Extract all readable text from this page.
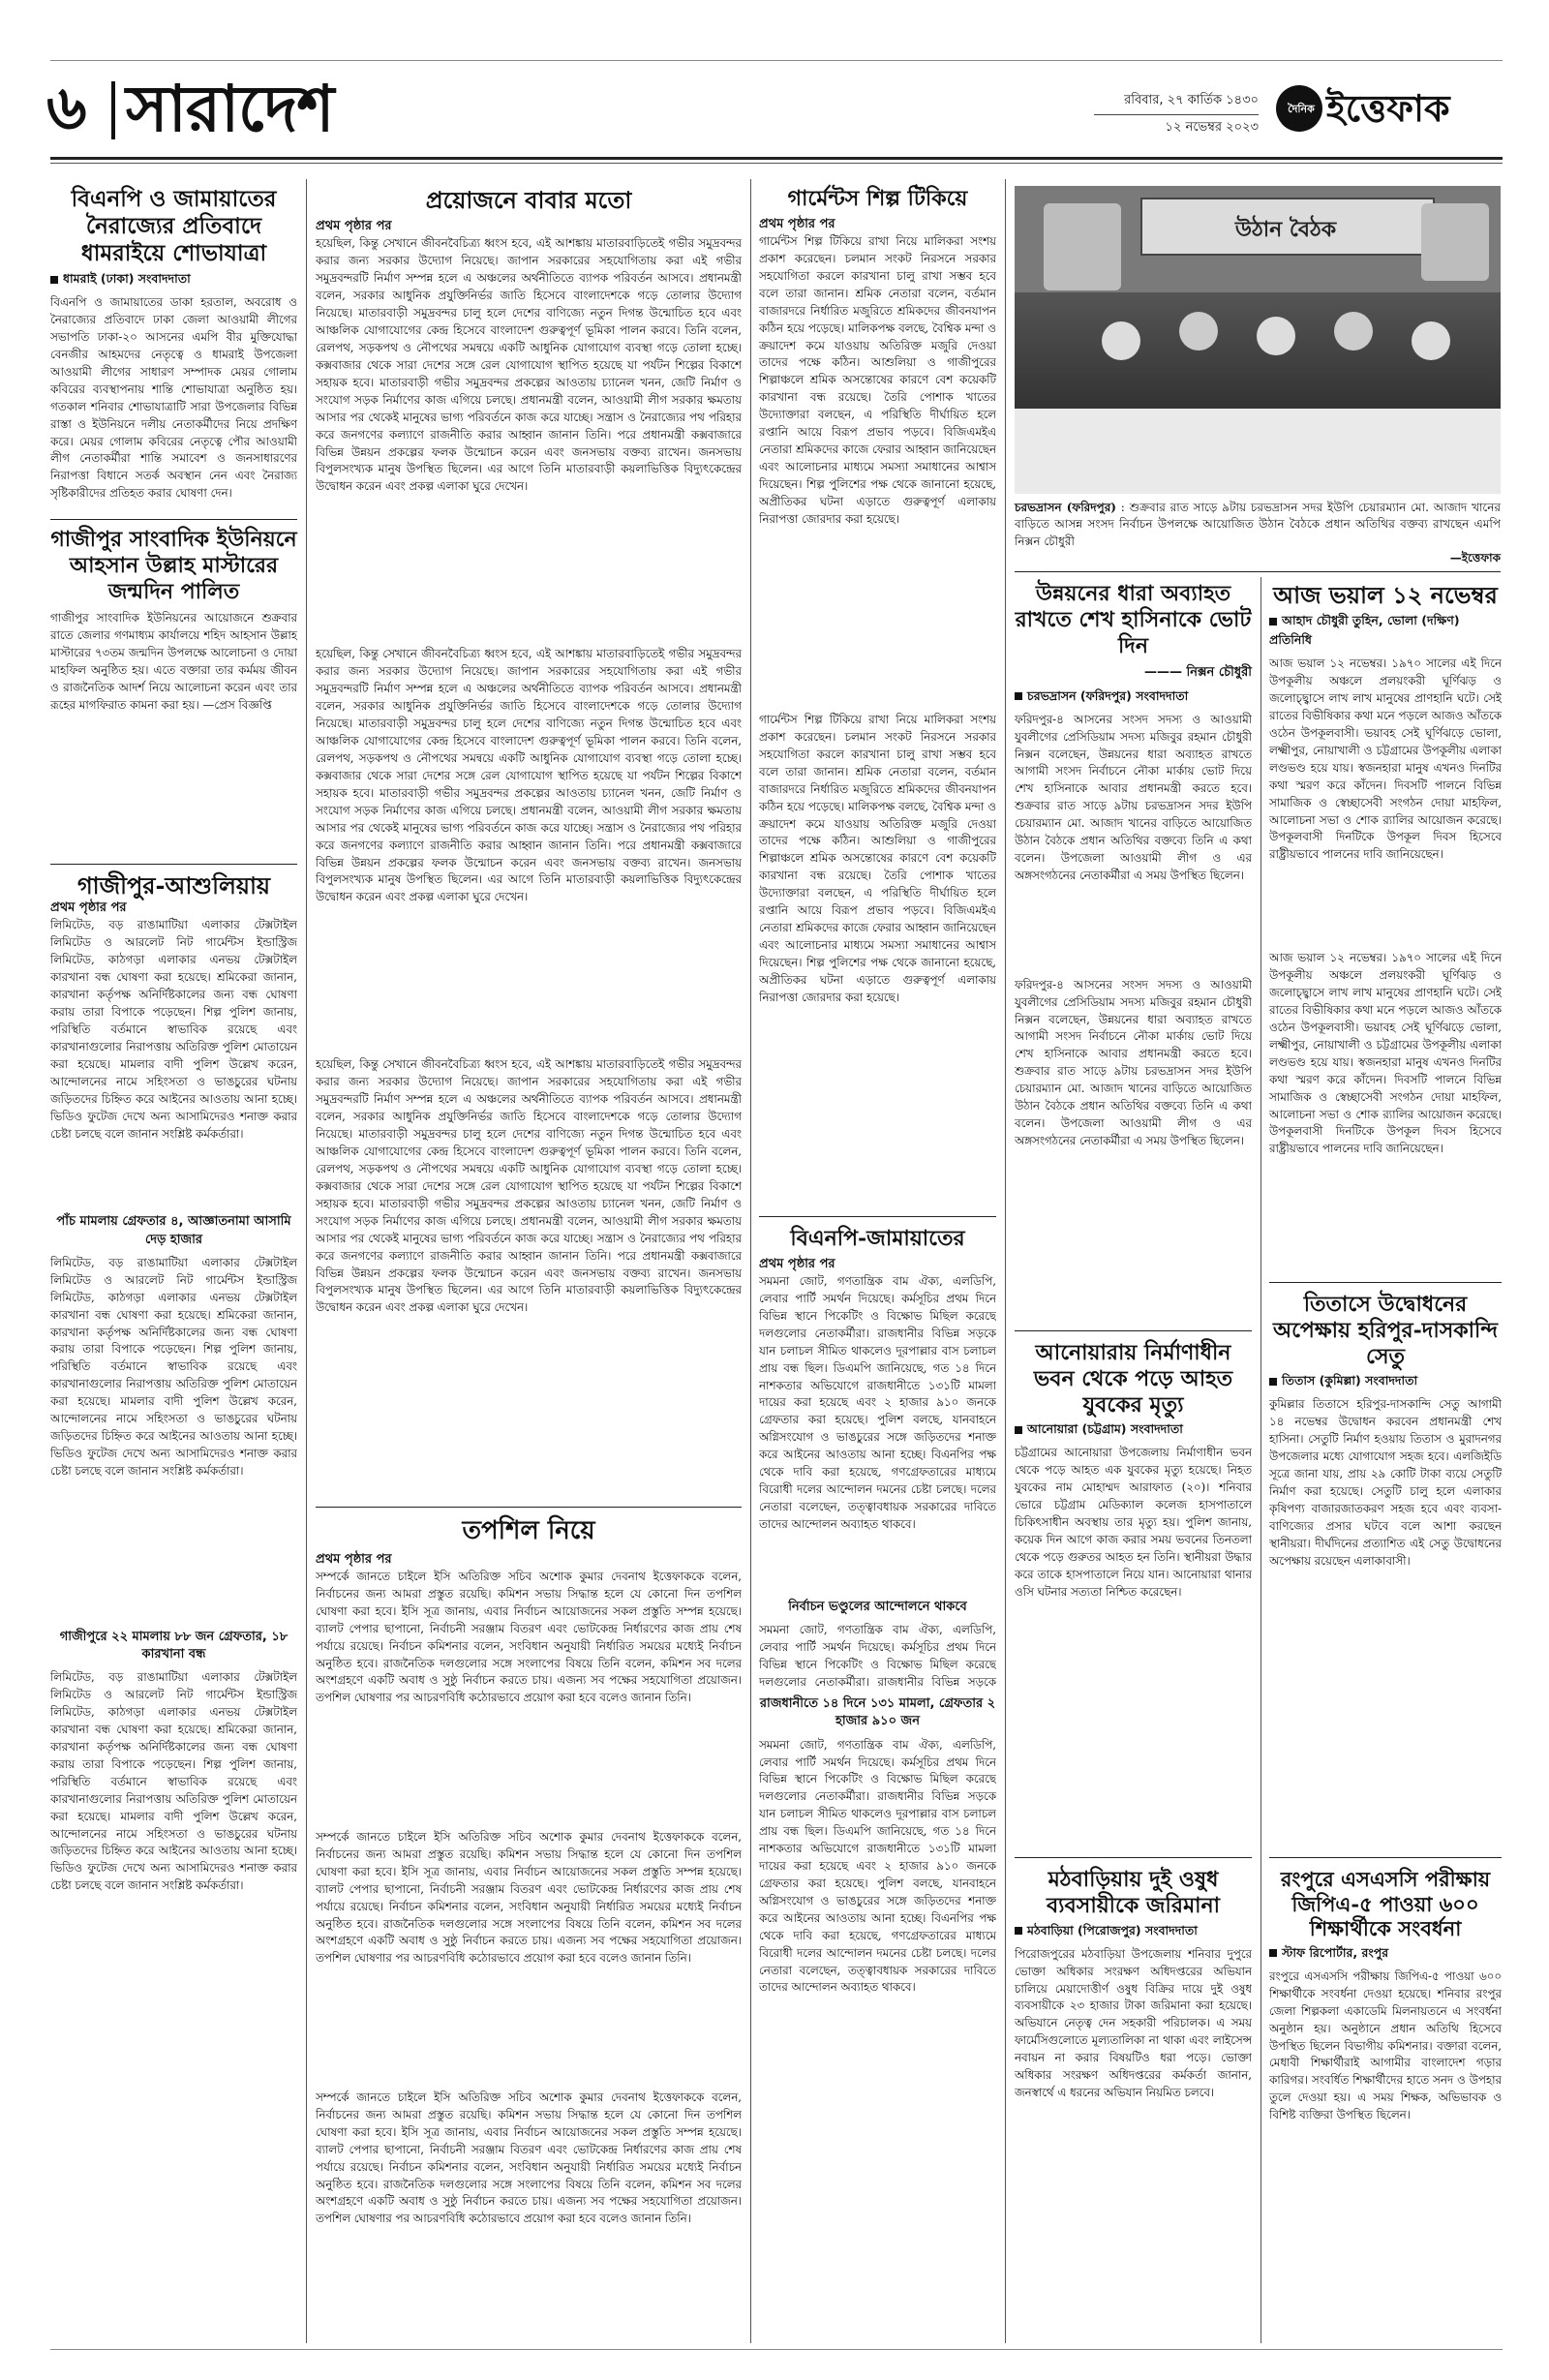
৬ সারাদেশ	রবিবার, ২৭ কার্তিক ১৪৩০
১২ নভেম্বর ২০২৩
দৈনিক ইত্তেফাক
বিএনপি ও জামায়াতের নৈরাজ্যের প্রতিবাদে ধামরাইয়ে শোভাযাত্রা
ধামরাই (ঢাকা) সংবাদদাতা
বিএনপি ও জামায়াতের ডাকা হরতাল, অবরোধ ও নৈরাজ্যের প্রতিবাদে ঢাকা জেলা আওয়ামী লীগের সভাপতি ঢাকা-২০ আসনের এমপি বীর মুক্তিযোদ্ধা বেনজীর আহমদের নেতৃত্বে ও ধামরাই উপজেলা আওয়ামী লীগের সাধারণ সম্পাদক মেয়র গোলাম কবিরের ব্যবস্থাপনায় শান্তি শোভাযাত্রা অনুষ্ঠিত হয়। গতকাল শনিবার শোভাযাত্রাটি সারা উপজেলার বিভিন্ন রাস্তা ও ইউনিয়নে দলীয় নেতাকর্মীদের নিয়ে প্রদক্ষিণ করে। মেয়র গোলাম কবিরের নেতৃত্বে পৌর আওয়ামী লীগ নেতাকর্মীরা শান্তি সমাবেশ ও জনসাধারণের নিরাপত্তা বিধানে সতর্ক অবস্থান নেন এবং নৈরাজ্য সৃষ্টিকারীদের প্রতিহত করার ঘোষণা দেন।
গাজীপুর সাংবাদিক ইউনিয়নে আহসান উল্লাহ মাস্টারের জন্মদিন পালিত
গাজীপুর সাংবাদিক ইউনিয়নের আয়োজনে শুক্রবার রাতে জেলার গণমাধ্যম কার্যালয়ে শহিদ আহসান উল্লাহ মাস্টারের ৭৩তম জন্মদিন উপলক্ষে আলোচনা ও দোয়া মাহফিল অনুষ্ঠিত হয়। এতে বক্তারা তার কর্মময় জীবন ও রাজনৈতিক আদর্শ নিয়ে আলোচনা করেন এবং তার রূহের মাগফিরাত কামনা করা হয়। —প্রেস বিজ্ঞপ্তি
গাজীপুর-আশুলিয়ায়
প্রথম পৃষ্ঠার পর
লিমিটেড, বড় রাঙামাটিয়া এলাকার টেক্সটাইল লিমিটেড ও আরলেট নিট গার্মেন্টস ইন্ডাস্ট্রিজ লিমিটেড, কাঠগড়া এলাকার এনভয় টেক্সটাইল কারখানা বন্ধ ঘোষণা করা হয়েছে। শ্রমিকেরা জানান, কারখানা কর্তৃপক্ষ অনির্দিষ্টকালের জন্য বন্ধ ঘোষণা করায় তারা বিপাকে পড়েছেন। শিল্প পুলিশ জানায়, পরিস্থিতি বর্তমানে স্বাভাবিক রয়েছে এবং কারখানাগুলোর নিরাপত্তায় অতিরিক্ত পুলিশ মোতায়েন করা হয়েছে। মামলার বাদী পুলিশ উল্লেখ করেন, আন্দোলনের নামে সহিংসতা ও ভাঙচুরের ঘটনায় জড়িতদের চিহ্নিত করে আইনের আওতায় আনা হচ্ছে। ভিডিও ফুটেজ দেখে অন্য আসামিদেরও শনাক্ত করার চেষ্টা চলছে বলে জানান সংশ্লিষ্ট কর্মকর্তারা।
পাঁচ মামলায় গ্রেফতার ৪, আজ্ঞাতনামা আসামি দেড় হাজার
লিমিটেড, বড় রাঙামাটিয়া এলাকার টেক্সটাইল লিমিটেড ও আরলেট নিট গার্মেন্টস ইন্ডাস্ট্রিজ লিমিটেড, কাঠগড়া এলাকার এনভয় টেক্সটাইল কারখানা বন্ধ ঘোষণা করা হয়েছে। শ্রমিকেরা জানান, কারখানা কর্তৃপক্ষ অনির্দিষ্টকালের জন্য বন্ধ ঘোষণা করায় তারা বিপাকে পড়েছেন। শিল্প পুলিশ জানায়, পরিস্থিতি বর্তমানে স্বাভাবিক রয়েছে এবং কারখানাগুলোর নিরাপত্তায় অতিরিক্ত পুলিশ মোতায়েন করা হয়েছে। মামলার বাদী পুলিশ উল্লেখ করেন, আন্দোলনের নামে সহিংসতা ও ভাঙচুরের ঘটনায় জড়িতদের চিহ্নিত করে আইনের আওতায় আনা হচ্ছে। ভিডিও ফুটেজ দেখে অন্য আসামিদেরও শনাক্ত করার চেষ্টা চলছে বলে জানান সংশ্লিষ্ট কর্মকর্তারা।
গাজীপুরে ২২ মামলায় ৮৮ জন গ্রেফতার, ১৮ কারখানা বন্ধ
লিমিটেড, বড় রাঙামাটিয়া এলাকার টেক্সটাইল লিমিটেড ও আরলেট নিট গার্মেন্টস ইন্ডাস্ট্রিজ লিমিটেড, কাঠগড়া এলাকার এনভয় টেক্সটাইল কারখানা বন্ধ ঘোষণা করা হয়েছে। শ্রমিকেরা জানান, কারখানা কর্তৃপক্ষ অনির্দিষ্টকালের জন্য বন্ধ ঘোষণা করায় তারা বিপাকে পড়েছেন। শিল্প পুলিশ জানায়, পরিস্থিতি বর্তমানে স্বাভাবিক রয়েছে এবং কারখানাগুলোর নিরাপত্তায় অতিরিক্ত পুলিশ মোতায়েন করা হয়েছে। মামলার বাদী পুলিশ উল্লেখ করেন, আন্দোলনের নামে সহিংসতা ও ভাঙচুরের ঘটনায় জড়িতদের চিহ্নিত করে আইনের আওতায় আনা হচ্ছে। ভিডিও ফুটেজ দেখে অন্য আসামিদেরও শনাক্ত করার চেষ্টা চলছে বলে জানান সংশ্লিষ্ট কর্মকর্তারা।
প্রয়োজনে বাবার মতো
প্রথম পৃষ্ঠার পর
হয়েছিল, কিন্তু সেখানে জীবনবৈচিত্র্য ধ্বংস হবে, এই আশঙ্কায় মাতারবাড়িতেই গভীর সমুদ্রবন্দর করার জন্য সরকার উদ্যোগ নিয়েছে। জাপান সরকারের সহযোগিতায় করা এই গভীর সমুদ্রবন্দরটি নির্মাণ সম্পন্ন হলে এ অঞ্চলের অর্থনীতিতে ব্যাপক পরিবর্তন আসবে। প্রধানমন্ত্রী বলেন, সরকার আধুনিক প্রযুক্তিনির্ভর জাতি হিসেবে বাংলাদেশকে গড়ে তোলার উদ্যোগ নিয়েছে। মাতারবাড়ী সমুদ্রবন্দর চালু হলে দেশের বাণিজ্যে নতুন দিগন্ত উন্মোচিত হবে এবং আঞ্চলিক যোগাযোগের কেন্দ্র হিসেবে বাংলাদেশ গুরুত্বপূর্ণ ভূমিকা পালন করবে। তিনি বলেন, রেলপথ, সড়কপথ ও নৌপথের সমন্বয়ে একটি আধুনিক যোগাযোগ ব্যবস্থা গড়ে তোলা হচ্ছে। কক্সবাজার থেকে সারা দেশের সঙ্গে রেল যোগাযোগ স্থাপিত হয়েছে যা পর্যটন শিল্পের বিকাশে সহায়ক হবে। মাতারবাড়ী গভীর সমুদ্রবন্দর প্রকল্পের আওতায় চ্যানেল খনন, জেটি নির্মাণ ও সংযোগ সড়ক নির্মাণের কাজ এগিয়ে চলছে। প্রধানমন্ত্রী বলেন, আওয়ামী লীগ সরকার ক্ষমতায় আসার পর থেকেই মানুষের ভাগ্য পরিবর্তনে কাজ করে যাচ্ছে। সন্ত্রাস ও নৈরাজ্যের পথ পরিহার করে জনগণের কল্যাণে রাজনীতি করার আহ্বান জানান তিনি। পরে প্রধানমন্ত্রী কক্সবাজারে বিভিন্ন উন্নয়ন প্রকল্পের ফলক উন্মোচন করেন এবং জনসভায় বক্তব্য রাখেন। জনসভায় বিপুলসংখ্যক মানুষ উপস্থিত ছিলেন। এর আগে তিনি মাতারবাড়ী কয়লাভিত্তিক বিদ্যুৎকেন্দ্রের উদ্বোধন করেন এবং প্রকল্প এলাকা ঘুরে দেখেন।
হয়েছিল, কিন্তু সেখানে জীবনবৈচিত্র্য ধ্বংস হবে, এই আশঙ্কায় মাতারবাড়িতেই গভীর সমুদ্রবন্দর করার জন্য সরকার উদ্যোগ নিয়েছে। জাপান সরকারের সহযোগিতায় করা এই গভীর সমুদ্রবন্দরটি নির্মাণ সম্পন্ন হলে এ অঞ্চলের অর্থনীতিতে ব্যাপক পরিবর্তন আসবে। প্রধানমন্ত্রী বলেন, সরকার আধুনিক প্রযুক্তিনির্ভর জাতি হিসেবে বাংলাদেশকে গড়ে তোলার উদ্যোগ নিয়েছে। মাতারবাড়ী সমুদ্রবন্দর চালু হলে দেশের বাণিজ্যে নতুন দিগন্ত উন্মোচিত হবে এবং আঞ্চলিক যোগাযোগের কেন্দ্র হিসেবে বাংলাদেশ গুরুত্বপূর্ণ ভূমিকা পালন করবে। তিনি বলেন, রেলপথ, সড়কপথ ও নৌপথের সমন্বয়ে একটি আধুনিক যোগাযোগ ব্যবস্থা গড়ে তোলা হচ্ছে। কক্সবাজার থেকে সারা দেশের সঙ্গে রেল যোগাযোগ স্থাপিত হয়েছে যা পর্যটন শিল্পের বিকাশে সহায়ক হবে। মাতারবাড়ী গভীর সমুদ্রবন্দর প্রকল্পের আওতায় চ্যানেল খনন, জেটি নির্মাণ ও সংযোগ সড়ক নির্মাণের কাজ এগিয়ে চলছে। প্রধানমন্ত্রী বলেন, আওয়ামী লীগ সরকার ক্ষমতায় আসার পর থেকেই মানুষের ভাগ্য পরিবর্তনে কাজ করে যাচ্ছে। সন্ত্রাস ও নৈরাজ্যের পথ পরিহার করে জনগণের কল্যাণে রাজনীতি করার আহ্বান জানান তিনি। পরে প্রধানমন্ত্রী কক্সবাজারে বিভিন্ন উন্নয়ন প্রকল্পের ফলক উন্মোচন করেন এবং জনসভায় বক্তব্য রাখেন। জনসভায় বিপুলসংখ্যক মানুষ উপস্থিত ছিলেন। এর আগে তিনি মাতারবাড়ী কয়লাভিত্তিক বিদ্যুৎকেন্দ্রের উদ্বোধন করেন এবং প্রকল্প এলাকা ঘুরে দেখেন।
হয়েছিল, কিন্তু সেখানে জীবনবৈচিত্র্য ধ্বংস হবে, এই আশঙ্কায় মাতারবাড়িতেই গভীর সমুদ্রবন্দর করার জন্য সরকার উদ্যোগ নিয়েছে। জাপান সরকারের সহযোগিতায় করা এই গভীর সমুদ্রবন্দরটি নির্মাণ সম্পন্ন হলে এ অঞ্চলের অর্থনীতিতে ব্যাপক পরিবর্তন আসবে। প্রধানমন্ত্রী বলেন, সরকার আধুনিক প্রযুক্তিনির্ভর জাতি হিসেবে বাংলাদেশকে গড়ে তোলার উদ্যোগ নিয়েছে। মাতারবাড়ী সমুদ্রবন্দর চালু হলে দেশের বাণিজ্যে নতুন দিগন্ত উন্মোচিত হবে এবং আঞ্চলিক যোগাযোগের কেন্দ্র হিসেবে বাংলাদেশ গুরুত্বপূর্ণ ভূমিকা পালন করবে। তিনি বলেন, রেলপথ, সড়কপথ ও নৌপথের সমন্বয়ে একটি আধুনিক যোগাযোগ ব্যবস্থা গড়ে তোলা হচ্ছে। কক্সবাজার থেকে সারা দেশের সঙ্গে রেল যোগাযোগ স্থাপিত হয়েছে যা পর্যটন শিল্পের বিকাশে সহায়ক হবে। মাতারবাড়ী গভীর সমুদ্রবন্দর প্রকল্পের আওতায় চ্যানেল খনন, জেটি নির্মাণ ও সংযোগ সড়ক নির্মাণের কাজ এগিয়ে চলছে। প্রধানমন্ত্রী বলেন, আওয়ামী লীগ সরকার ক্ষমতায় আসার পর থেকেই মানুষের ভাগ্য পরিবর্তনে কাজ করে যাচ্ছে। সন্ত্রাস ও নৈরাজ্যের পথ পরিহার করে জনগণের কল্যাণে রাজনীতি করার আহ্বান জানান তিনি। পরে প্রধানমন্ত্রী কক্সবাজারে বিভিন্ন উন্নয়ন প্রকল্পের ফলক উন্মোচন করেন এবং জনসভায় বক্তব্য রাখেন। জনসভায় বিপুলসংখ্যক মানুষ উপস্থিত ছিলেন। এর আগে তিনি মাতারবাড়ী কয়লাভিত্তিক বিদ্যুৎকেন্দ্রের উদ্বোধন করেন এবং প্রকল্প এলাকা ঘুরে দেখেন।
তপশিল নিয়ে
প্রথম পৃষ্ঠার পর
সম্পর্কে জানতে চাইলে ইসি অতিরিক্ত সচিব অশোক কুমার দেবনাথ ইত্তেফাককে বলেন, নির্বাচনের জন্য আমরা প্রস্তুত রয়েছি। কমিশন সভায় সিদ্ধান্ত হলে যে কোনো দিন তপশিল ঘোষণা করা হবে। ইসি সূত্র জানায়, এবার নির্বাচন আয়োজনের সকল প্রস্তুতি সম্পন্ন হয়েছে। ব্যালট পেপার ছাপানো, নির্বাচনী সরঞ্জাম বিতরণ এবং ভোটকেন্দ্র নির্ধারণের কাজ প্রায় শেষ পর্যায়ে রয়েছে। নির্বাচন কমিশনার বলেন, সংবিধান অনুযায়ী নির্ধারিত সময়ের মধ্যেই নির্বাচন অনুষ্ঠিত হবে। রাজনৈতিক দলগুলোর সঙ্গে সংলাপের বিষয়ে তিনি বলেন, কমিশন সব দলের অংশগ্রহণে একটি অবাধ ও সুষ্ঠু নির্বাচন করতে চায়। এজন্য সব পক্ষের সহযোগিতা প্রয়োজন। তপশিল ঘোষণার পর আচরণবিধি কঠোরভাবে প্রয়োগ করা হবে বলেও জানান তিনি।
সম্পর্কে জানতে চাইলে ইসি অতিরিক্ত সচিব অশোক কুমার দেবনাথ ইত্তেফাককে বলেন, নির্বাচনের জন্য আমরা প্রস্তুত রয়েছি। কমিশন সভায় সিদ্ধান্ত হলে যে কোনো দিন তপশিল ঘোষণা করা হবে। ইসি সূত্র জানায়, এবার নির্বাচন আয়োজনের সকল প্রস্তুতি সম্পন্ন হয়েছে। ব্যালট পেপার ছাপানো, নির্বাচনী সরঞ্জাম বিতরণ এবং ভোটকেন্দ্র নির্ধারণের কাজ প্রায় শেষ পর্যায়ে রয়েছে। নির্বাচন কমিশনার বলেন, সংবিধান অনুযায়ী নির্ধারিত সময়ের মধ্যেই নির্বাচন অনুষ্ঠিত হবে। রাজনৈতিক দলগুলোর সঙ্গে সংলাপের বিষয়ে তিনি বলেন, কমিশন সব দলের অংশগ্রহণে একটি অবাধ ও সুষ্ঠু নির্বাচন করতে চায়। এজন্য সব পক্ষের সহযোগিতা প্রয়োজন। তপশিল ঘোষণার পর আচরণবিধি কঠোরভাবে প্রয়োগ করা হবে বলেও জানান তিনি।
সম্পর্কে জানতে চাইলে ইসি অতিরিক্ত সচিব অশোক কুমার দেবনাথ ইত্তেফাককে বলেন, নির্বাচনের জন্য আমরা প্রস্তুত রয়েছি। কমিশন সভায় সিদ্ধান্ত হলে যে কোনো দিন তপশিল ঘোষণা করা হবে। ইসি সূত্র জানায়, এবার নির্বাচন আয়োজনের সকল প্রস্তুতি সম্পন্ন হয়েছে। ব্যালট পেপার ছাপানো, নির্বাচনী সরঞ্জাম বিতরণ এবং ভোটকেন্দ্র নির্ধারণের কাজ প্রায় শেষ পর্যায়ে রয়েছে। নির্বাচন কমিশনার বলেন, সংবিধান অনুযায়ী নির্ধারিত সময়ের মধ্যেই নির্বাচন অনুষ্ঠিত হবে। রাজনৈতিক দলগুলোর সঙ্গে সংলাপের বিষয়ে তিনি বলেন, কমিশন সব দলের অংশগ্রহণে একটি অবাধ ও সুষ্ঠু নির্বাচন করতে চায়। এজন্য সব পক্ষের সহযোগিতা প্রয়োজন। তপশিল ঘোষণার পর আচরণবিধি কঠোরভাবে প্রয়োগ করা হবে বলেও জানান তিনি।
গার্মেন্টস শিল্প টিকিয়ে
প্রথম পৃষ্ঠার পর
গার্মেন্টস শিল্প টিকিয়ে রাখা নিয়ে মালিকরা সংশয় প্রকাশ করেছেন। চলমান সংকট নিরসনে সরকার সহযোগিতা করলে কারখানা চালু রাখা সম্ভব হবে বলে তারা জানান। শ্রমিক নেতারা বলেন, বর্তমান বাজারদরে নির্ধারিত মজুরিতে শ্রমিকদের জীবনযাপন কঠিন হয়ে পড়েছে। মালিকপক্ষ বলছে, বৈশ্বিক মন্দা ও ক্রয়াদেশ কমে যাওয়ায় অতিরিক্ত মজুরি দেওয়া তাদের পক্ষে কঠিন। আশুলিয়া ও গাজীপুরের শিল্পাঞ্চলে শ্রমিক অসন্তোষের কারণে বেশ কয়েকটি কারখানা বন্ধ রয়েছে। তৈরি পোশাক খাতের উদ্যোক্তারা বলছেন, এ পরিস্থিতি দীর্ঘায়িত হলে রপ্তানি আয়ে বিরূপ প্রভাব পড়বে। বিজিএমইএ নেতারা শ্রমিকদের কাজে ফেরার আহ্বান জানিয়েছেন এবং আলোচনার মাধ্যমে সমস্যা সমাধানের আশ্বাস দিয়েছেন। শিল্প পুলিশের পক্ষ থেকে জানানো হয়েছে, অপ্রীতিকর ঘটনা এড়াতে গুরুত্বপূর্ণ এলাকায় নিরাপত্তা জোরদার করা হয়েছে।
গার্মেন্টস শিল্প টিকিয়ে রাখা নিয়ে মালিকরা সংশয় প্রকাশ করেছেন। চলমান সংকট নিরসনে সরকার সহযোগিতা করলে কারখানা চালু রাখা সম্ভব হবে বলে তারা জানান। শ্রমিক নেতারা বলেন, বর্তমান বাজারদরে নির্ধারিত মজুরিতে শ্রমিকদের জীবনযাপন কঠিন হয়ে পড়েছে। মালিকপক্ষ বলছে, বৈশ্বিক মন্দা ও ক্রয়াদেশ কমে যাওয়ায় অতিরিক্ত মজুরি দেওয়া তাদের পক্ষে কঠিন। আশুলিয়া ও গাজীপুরের শিল্পাঞ্চলে শ্রমিক অসন্তোষের কারণে বেশ কয়েকটি কারখানা বন্ধ রয়েছে। তৈরি পোশাক খাতের উদ্যোক্তারা বলছেন, এ পরিস্থিতি দীর্ঘায়িত হলে রপ্তানি আয়ে বিরূপ প্রভাব পড়বে। বিজিএমইএ নেতারা শ্রমিকদের কাজে ফেরার আহ্বান জানিয়েছেন এবং আলোচনার মাধ্যমে সমস্যা সমাধানের আশ্বাস দিয়েছেন। শিল্প পুলিশের পক্ষ থেকে জানানো হয়েছে, অপ্রীতিকর ঘটনা এড়াতে গুরুত্বপূর্ণ এলাকায় নিরাপত্তা জোরদার করা হয়েছে।
বিএনপি-জামায়াতের
প্রথম পৃষ্ঠার পর
সমমনা জোট, গণতান্ত্রিক বাম ঐক্য, এলডিপি, লেবার পার্টি সমর্থন দিয়েছে। কর্মসূচির প্রথম দিনে বিভিন্ন স্থানে পিকেটিং ও বিক্ষোভ মিছিল করেছে দলগুলোর নেতাকর্মীরা। রাজধানীর বিভিন্ন সড়কে যান চলাচল সীমিত থাকলেও দূরপাল্লার বাস চলাচল প্রায় বন্ধ ছিল। ডিএমপি জানিয়েছে, গত ১৪ দিনে নাশকতার অভিযোগে রাজধানীতে ১৩১টি মামলা দায়ের করা হয়েছে এবং ২ হাজার ৯১০ জনকে গ্রেফতার করা হয়েছে। পুলিশ বলছে, যানবাহনে অগ্নিসংযোগ ও ভাঙচুরের সঙ্গে জড়িতদের শনাক্ত করে আইনের আওতায় আনা হচ্ছে। বিএনপির পক্ষ থেকে দাবি করা হয়েছে, গণগ্রেফতারের মাধ্যমে বিরোধী দলের আন্দোলন দমনের চেষ্টা চলছে। দলের নেতারা বলেছেন, তত্ত্বাবধায়ক সরকারের দাবিতে তাদের আন্দোলন অব্যাহত থাকবে।
নির্বাচন ভণ্ডুলের আন্দোলনে থাকবে
সমমনা জোট, গণতান্ত্রিক বাম ঐক্য, এলডিপি, লেবার পার্টি সমর্থন দিয়েছে। কর্মসূচির প্রথম দিনে বিভিন্ন স্থানে পিকেটিং ও বিক্ষোভ মিছিল করেছে দলগুলোর নেতাকর্মীরা। রাজধানীর বিভিন্ন সড়কে
রাজধানীতে ১৪ দিনে ১৩১ মামলা, গ্রেফতার ২ হাজার ৯১০ জন
সমমনা জোট, গণতান্ত্রিক বাম ঐক্য, এলডিপি, লেবার পার্টি সমর্থন দিয়েছে। কর্মসূচির প্রথম দিনে বিভিন্ন স্থানে পিকেটিং ও বিক্ষোভ মিছিল করেছে দলগুলোর নেতাকর্মীরা। রাজধানীর বিভিন্ন সড়কে যান চলাচল সীমিত থাকলেও দূরপাল্লার বাস চলাচল প্রায় বন্ধ ছিল। ডিএমপি জানিয়েছে, গত ১৪ দিনে নাশকতার অভিযোগে রাজধানীতে ১৩১টি মামলা দায়ের করা হয়েছে এবং ২ হাজার ৯১০ জনকে গ্রেফতার করা হয়েছে। পুলিশ বলছে, যানবাহনে অগ্নিসংযোগ ও ভাঙচুরের সঙ্গে জড়িতদের শনাক্ত করে আইনের আওতায় আনা হচ্ছে। বিএনপির পক্ষ থেকে দাবি করা হয়েছে, গণগ্রেফতারের মাধ্যমে বিরোধী দলের আন্দোলন দমনের চেষ্টা চলছে। দলের নেতারা বলেছেন, তত্ত্বাবধায়ক সরকারের দাবিতে তাদের আন্দোলন অব্যাহত থাকবে।
উঠান বৈঠক
চরভদ্রাসন (ফরিদপুর) : শুক্রবার রাত সাড়ে ৯টায় চরভদ্রাসন সদর ইউপি চেয়ারম্যান মো. আজাদ খানের বাড়িতে আসন্ন সংসদ নির্বাচন উপলক্ষে আয়োজিত উঠান বৈঠকে প্রধান অতিথির বক্তব্য রাখছেন এমপি নিক্সন চৌধুরী
—ইত্তেফাক
উন্নয়নের ধারা অব্যাহত রাখতে শেখ হাসিনাকে ভোট দিন
——— নিক্সন চৌধুরী
চরভদ্রাসন (ফরিদপুর) সংবাদদাতা
ফরিদপুর-৪ আসনের সংসদ সদস্য ও আওয়ামী যুবলীগের প্রেসিডিয়াম সদস্য মজিবুর রহমান চৌধুরী নিক্সন বলেছেন, উন্নয়নের ধারা অব্যাহত রাখতে আগামী সংসদ নির্বাচনে নৌকা মার্কায় ভোট দিয়ে শেখ হাসিনাকে আবার প্রধানমন্ত্রী করতে হবে। শুক্রবার রাত সাড়ে ৯টায় চরভদ্রাসন সদর ইউপি চেয়ারম্যান মো. আজাদ খানের বাড়িতে আয়োজিত উঠান বৈঠকে প্রধান অতিথির বক্তব্যে তিনি এ কথা বলেন। উপজেলা আওয়ামী লীগ ও এর অঙ্গসংগঠনের নেতাকর্মীরা এ সময় উপস্থিত ছিলেন।
ফরিদপুর-৪ আসনের সংসদ সদস্য ও আওয়ামী যুবলীগের প্রেসিডিয়াম সদস্য মজিবুর রহমান চৌধুরী নিক্সন বলেছেন, উন্নয়নের ধারা অব্যাহত রাখতে আগামী সংসদ নির্বাচনে নৌকা মার্কায় ভোট দিয়ে শেখ হাসিনাকে আবার প্রধানমন্ত্রী করতে হবে। শুক্রবার রাত সাড়ে ৯টায় চরভদ্রাসন সদর ইউপি চেয়ারম্যান মো. আজাদ খানের বাড়িতে আয়োজিত উঠান বৈঠকে প্রধান অতিথির বক্তব্যে তিনি এ কথা বলেন। উপজেলা আওয়ামী লীগ ও এর অঙ্গসংগঠনের নেতাকর্মীরা এ সময় উপস্থিত ছিলেন।
আনোয়ারায় নির্মাণাধীন ভবন থেকে পড়ে আহত যুবকের মৃত্যু
আনোয়ারা (চট্টগ্রাম) সংবাদদাতা
চট্টগ্রামের আনোয়ারা উপজেলায় নির্মাণাধীন ভবন থেকে পড়ে আহত এক যুবকের মৃত্যু হয়েছে। নিহত যুবকের নাম মোহাম্মদ আরাফাত (২০)। শনিবার ভোরে চট্টগ্রাম মেডিক্যাল কলেজ হাসপাতালে চিকিৎসাধীন অবস্থায় তার মৃত্যু হয়। পুলিশ জানায়, কয়েক দিন আগে কাজ করার সময় ভবনের তিনতলা থেকে পড়ে গুরুতর আহত হন তিনি। স্থানীয়রা উদ্ধার করে তাকে হাসপাতালে নিয়ে যান। আনোয়ারা থানার ওসি ঘটনার সত্যতা নিশ্চিত করেছেন।
মঠবাড়িয়ায় দুই ওষুধ ব্যবসায়ীকে জরিমানা
মঠবাড়িয়া (পিরোজপুর) সংবাদদাতা
পিরোজপুরের মঠবাড়িয়া উপজেলায় শনিবার দুপুরে ভোক্তা অধিকার সংরক্ষণ অধিদপ্তরের অভিযান চালিয়ে মেয়াদোত্তীর্ণ ওষুধ বিক্রির দায়ে দুই ওষুধ ব্যবসায়ীকে ২৩ হাজার টাকা জরিমানা করা হয়েছে। অভিযানে নেতৃত্ব দেন সহকারী পরিচালক। এ সময় ফার্মেসিগুলোতে মূল্যতালিকা না থাকা এবং লাইসেন্স নবায়ন না করার বিষয়টিও ধরা পড়ে। ভোক্তা অধিকার সংরক্ষণ অধিদপ্তরের কর্মকর্তা জানান, জনস্বার্থে এ ধরনের অভিযান নিয়মিত চলবে।
আজ ভয়াল ১২ নভেম্বর
আহাদ চৌধুরী তুহিন, ভোলা (দক্ষিণ) প্রতিনিধি
আজ ভয়াল ১২ নভেম্বর। ১৯৭০ সালের এই দিনে উপকূলীয় অঞ্চলে প্রলয়ংকরী ঘূর্ণিঝড় ও জলোচ্ছ্বাসে লাখ লাখ মানুষের প্রাণহানি ঘটে। সেই রাতের বিভীষিকার কথা মনে পড়লে আজও আঁতকে ওঠেন উপকূলবাসী। ভয়াবহ সেই ঘূর্ণিঝড়ে ভোলা, লক্ষ্মীপুর, নোয়াখালী ও চট্টগ্রামের উপকূলীয় এলাকা লণ্ডভণ্ড হয়ে যায়। স্বজনহারা মানুষ এখনও দিনটির কথা স্মরণ করে কাঁদেন। দিবসটি পালনে বিভিন্ন সামাজিক ও স্বেচ্ছাসেবী সংগঠন দোয়া মাহফিল, আলোচনা সভা ও শোক র‍্যালির আয়োজন করেছে। উপকূলবাসী দিনটিকে উপকূল দিবস হিসেবে রাষ্ট্রীয়ভাবে পালনের দাবি জানিয়েছেন।
আজ ভয়াল ১২ নভেম্বর। ১৯৭০ সালের এই দিনে উপকূলীয় অঞ্চলে প্রলয়ংকরী ঘূর্ণিঝড় ও জলোচ্ছ্বাসে লাখ লাখ মানুষের প্রাণহানি ঘটে। সেই রাতের বিভীষিকার কথা মনে পড়লে আজও আঁতকে ওঠেন উপকূলবাসী। ভয়াবহ সেই ঘূর্ণিঝড়ে ভোলা, লক্ষ্মীপুর, নোয়াখালী ও চট্টগ্রামের উপকূলীয় এলাকা লণ্ডভণ্ড হয়ে যায়। স্বজনহারা মানুষ এখনও দিনটির কথা স্মরণ করে কাঁদেন। দিবসটি পালনে বিভিন্ন সামাজিক ও স্বেচ্ছাসেবী সংগঠন দোয়া মাহফিল, আলোচনা সভা ও শোক র‍্যালির আয়োজন করেছে। উপকূলবাসী দিনটিকে উপকূল দিবস হিসেবে রাষ্ট্রীয়ভাবে পালনের দাবি জানিয়েছেন।
তিতাসে উদ্বোধনের অপেক্ষায় হরিপুর-দাসকান্দি সেতু
তিতাস (কুমিল্লা) সংবাদদাতা
কুমিল্লার তিতাসে হরিপুর-দাসকান্দি সেতু আগামী ১৪ নভেম্বর উদ্বোধন করবেন প্রধানমন্ত্রী শেখ হাসিনা। সেতুটি নির্মাণ হওয়ায় তিতাস ও মুরাদনগর উপজেলার মধ্যে যোগাযোগ সহজ হবে। এলজিইডি সূত্রে জানা যায়, প্রায় ২৯ কোটি টাকা ব্যয়ে সেতুটি নির্মাণ করা হয়েছে। সেতুটি চালু হলে এলাকার কৃষিপণ্য বাজারজাতকরণ সহজ হবে এবং ব্যবসা-বাণিজ্যের প্রসার ঘটবে বলে আশা করছেন স্থানীয়রা। দীর্ঘদিনের প্রত্যাশিত এই সেতু উদ্বোধনের অপেক্ষায় রয়েছেন এলাকাবাসী।
রংপুরে এসএসসি পরীক্ষায় জিপিএ-৫ পাওয়া ৬০০ শিক্ষার্থীকে সংবর্ধনা
স্টাফ রিপোর্টার, রংপুর
রংপুরে এসএসসি পরীক্ষায় জিপিএ-৫ পাওয়া ৬০০ শিক্ষার্থীকে সংবর্ধনা দেওয়া হয়েছে। শনিবার রংপুর জেলা শিল্পকলা একাডেমি মিলনায়তনে এ সংবর্ধনা অনুষ্ঠান হয়। অনুষ্ঠানে প্রধান অতিথি হিসেবে উপস্থিত ছিলেন বিভাগীয় কমিশনার। বক্তারা বলেন, মেধাবী শিক্ষার্থীরাই আগামীর বাংলাদেশ গড়ার কারিগর। সংবর্ধিত শিক্ষার্থীদের হাতে সনদ ও উপহার তুলে দেওয়া হয়। এ সময় শিক্ষক, অভিভাবক ও বিশিষ্ট ব্যক্তিরা উপস্থিত ছিলেন।
